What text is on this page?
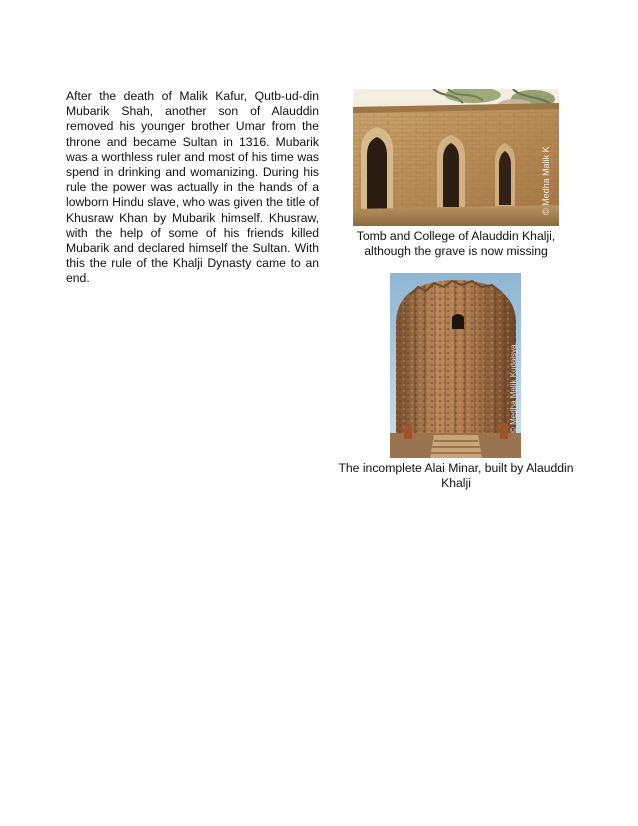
After the death of Malik Kafur, Qutb-ud-din Mubarik Shah, another son of Alauddin removed his younger brother Umar from the throne and became Sultan in 1316. Mubarik was a worthless ruler and most of his time was spend in drinking and womanizing. During his rule the power was actually in the hands of a lowborn Hindu slave, who was given the title of Khusraw Khan by Mubarik himself. Khusraw, with the help of some of his friends killed Mubarik and declared himself the Sultan. With this the rule of the Khalji Dynasty came to an end.

© Medha Malik K
Tomb and College of Alauddin Khalji, although the grave is now missing
© Medha Malik Kudaisya
The incomplete Alai Minar, built by Alauddin Khalji
